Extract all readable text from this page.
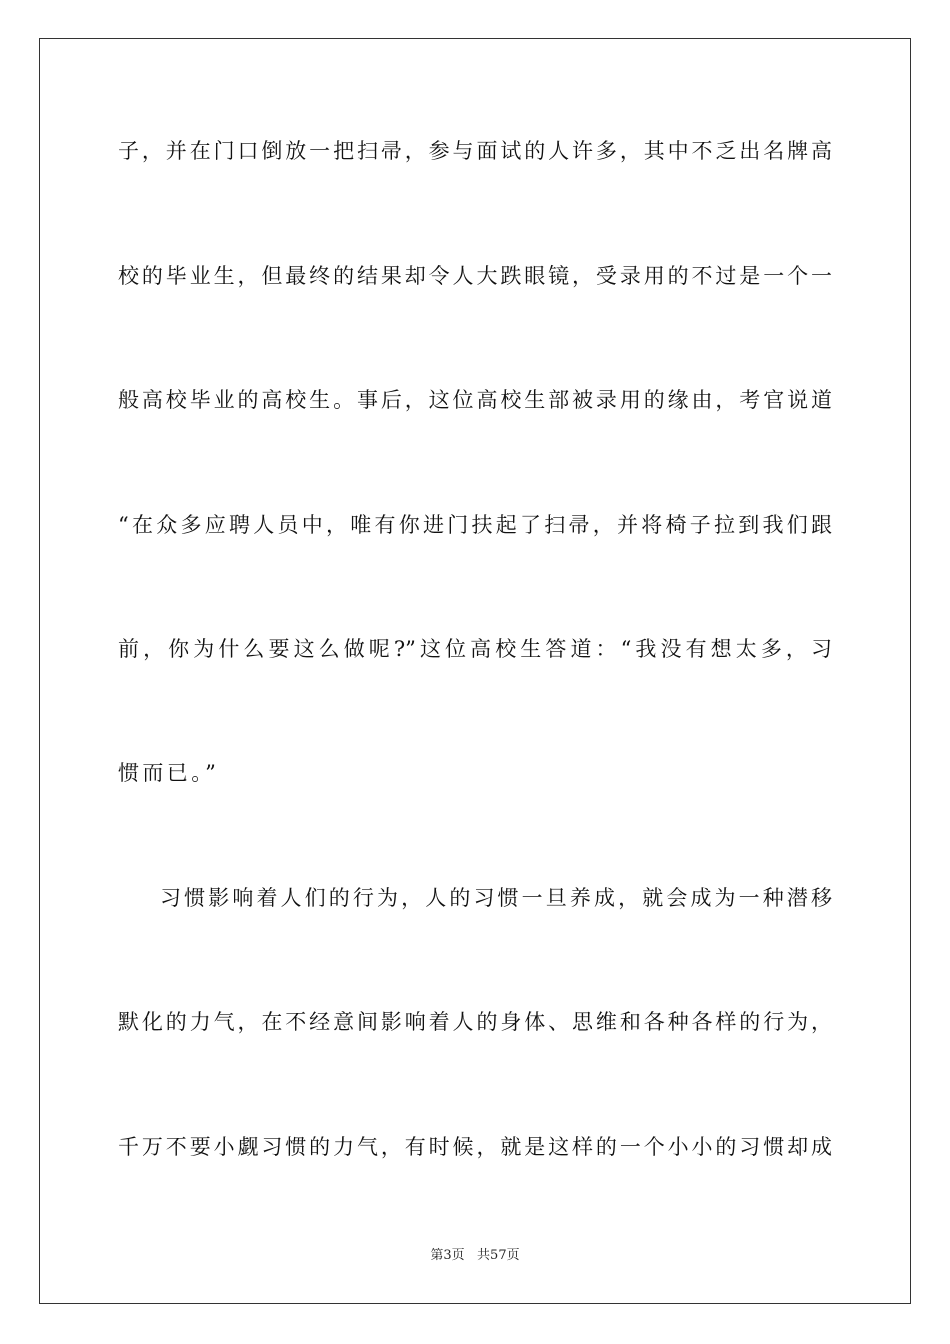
子，并在门口倒放一把扫帚，参与面试的人许多，其中不乏出名牌高

校的毕业生，但最终的结果却令人大跌眼镜，受录用的不过是一个一

般高校毕业的高校生。事后，这位高校生部被录用的缘由，考官说道

“在众多应聘人员中，唯有你进门扶起了扫帚，并将椅子拉到我们跟

前，你为什么要这么做呢?”这位高校生答道：“我没有想太多，习

惯而已。”

习惯影响着人们的行为，人的习惯一旦养成，就会成为一种潜移

默化的力气，在不经意间影响着人的身体、思维和各种各样的行为，

千万不要小觑习惯的力气，有时候，就是这样的一个小小的习惯却成

第3页   共57页
